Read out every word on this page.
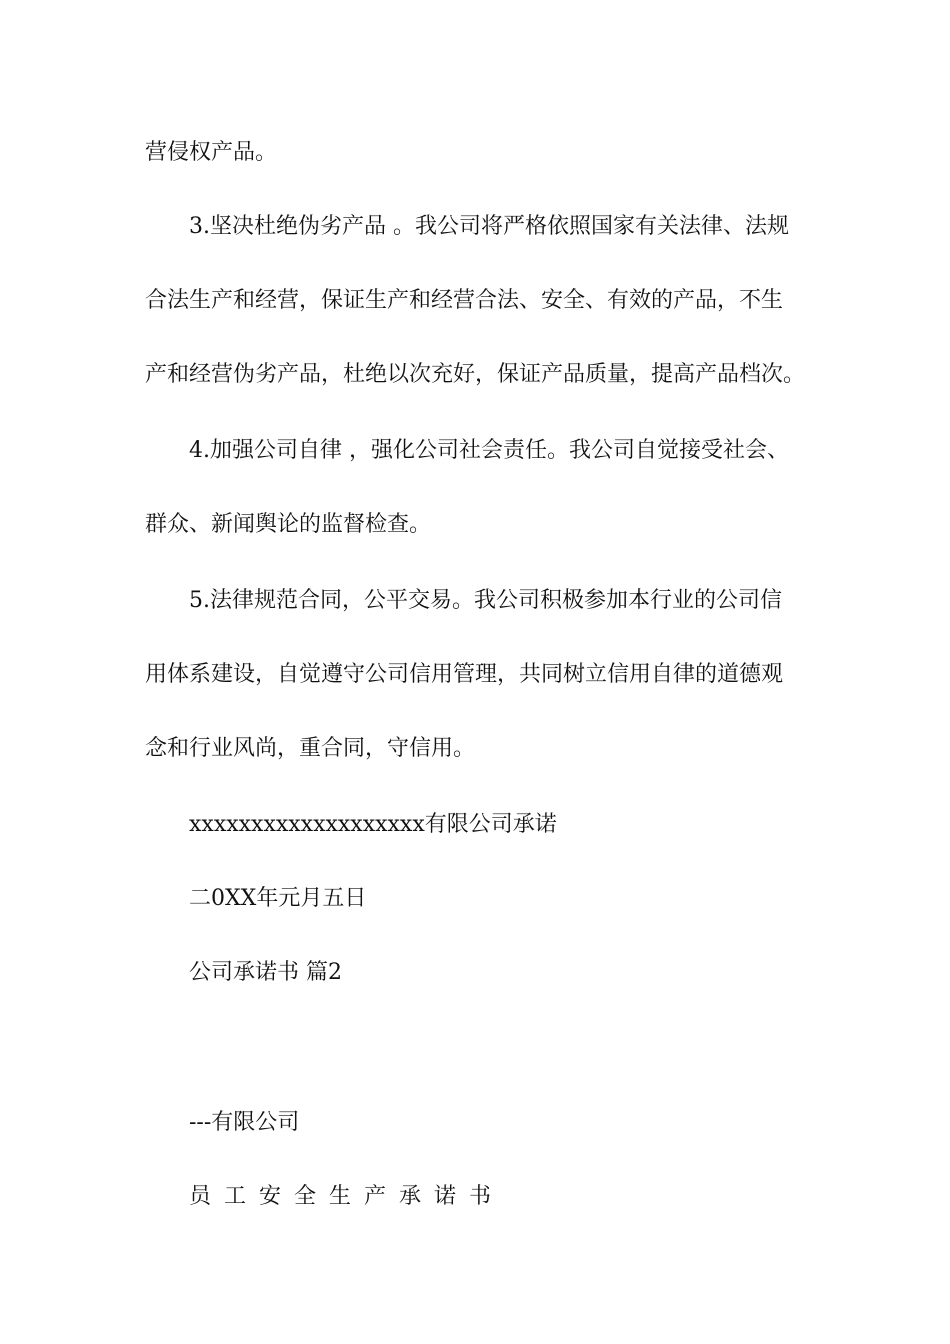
营侵权产品。
3.坚决杜绝伪劣产品 。我公司将严格依照国家有关法律、法规
合法生产和经营，保证生产和经营合法、安全、有效的产品，不生
产和经营伪劣产品，杜绝以次充好，保证产品质量，提高产品档次。
4.加强公司自律 ，强化公司社会责任。我公司自觉接受社会、
群众、新闻舆论的监督检查。
5.法律规范合同，公平交易。我公司积极参加本行业的公司信
用体系建设，自觉遵守公司信用管理，共同树立信用自律的道德观
念和行业风尚，重合同，守信用。
xxxxxxxxxxxxxxxxxxx有限公司承诺
二0XX年元月五日
公司承诺书 篇2
---有限公司
员工安全生产承诺书
